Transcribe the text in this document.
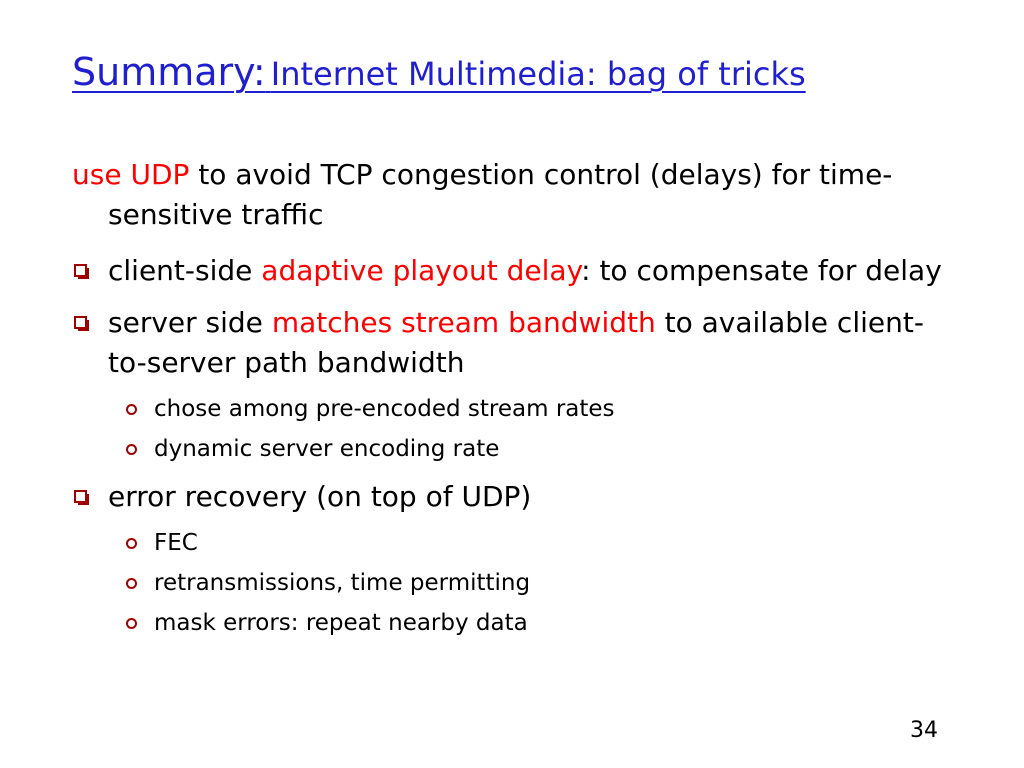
Summary: Internet Multimedia: bag of tricks
use UDP to avoid TCP congestion control (delays) for time-sensitive traffic
client-side adaptive playout delay: to compensate for delay
server side matches stream bandwidth to available client-to-server path bandwidth
chose among pre-encoded stream rates
dynamic server encoding rate
error recovery (on top of UDP)
FEC
retransmissions, time permitting
mask errors: repeat nearby data
34
